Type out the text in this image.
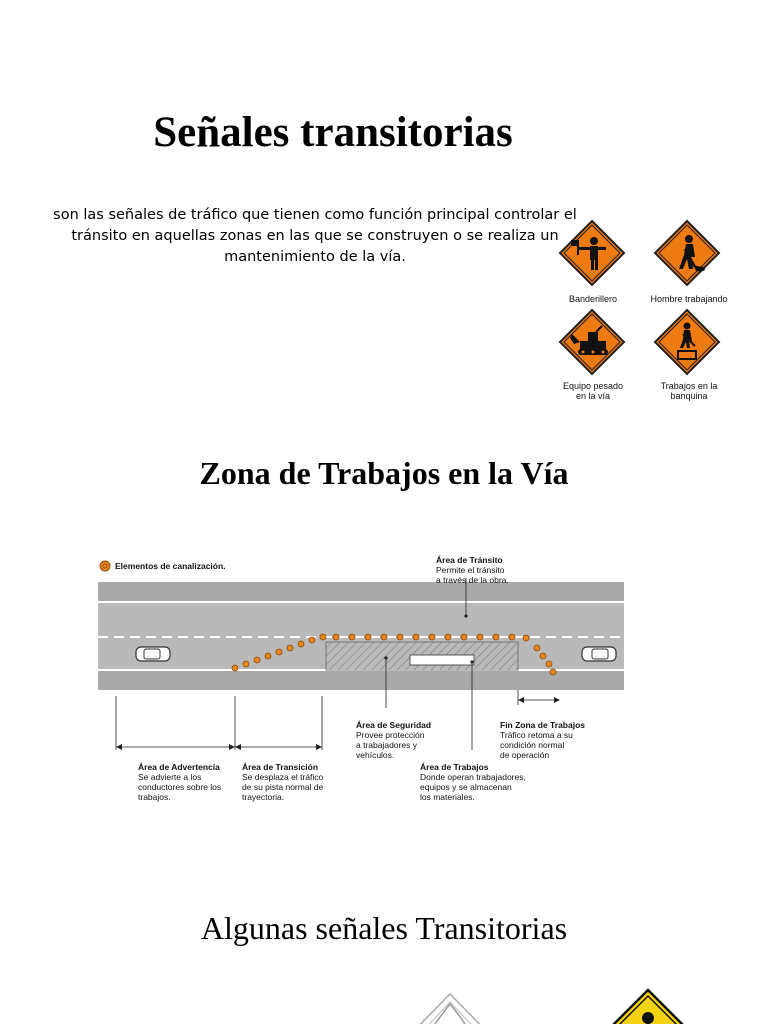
Señales transitorias
son las señales de tráfico que tienen como función principal controlar el tránsito en aquellas zonas en las que se construyen o se realiza un mantenimiento de la vía.
Banderillero	Hombre trabajando
Equipo pesado en la vía
Trabajos en la banquina
Zona de Trabajos en la Vía
Elementos de canalización.

Área de Tránsito
Permite el tránsito
a través de la obra.

Área de Seguridad
Provee protección
a trabajadores y
vehículos.

Fin Zona de Trabajos
Tráfico retoma a su
condición normal
de operación

Área de Advertencia
Se advierte a los
conductores sobre los
trabajos.

Área de Transición
Se desplaza el tráfico
de su pista normal de
trayectoria.

Área de Trabajos
Donde operan trabajadores,
equipos y se almacenan
los materiales.

Algunas señales Transitorias
